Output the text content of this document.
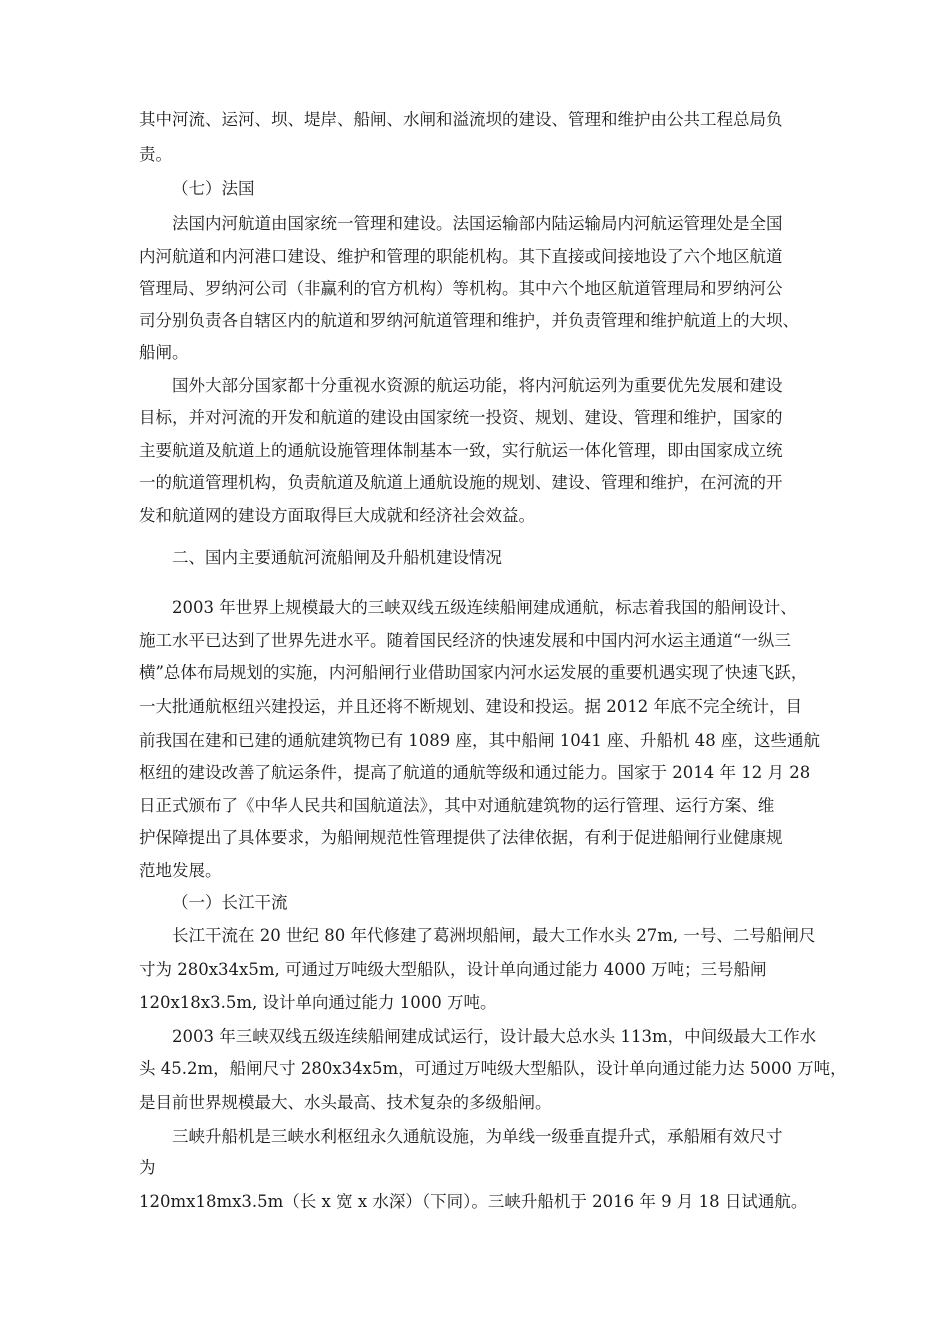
其中河流、运河、坝、堤岸、船闸、水闸和溢流坝的建设、管理和维护由公共工程总局负
责。
（七）法国
法国内河航道由国家统一管理和建设。法国运输部内陆运输局内河航运管理处是全国
内河航道和内河港口建设、维护和管理的职能机构。其下直接或间接地设了六个地区航道
管理局、罗纳河公司（非赢利的官方机构）等机构。其中六个地区航道管理局和罗纳河公
司分别负责各自辖区内的航道和罗纳河航道管理和维护，并负责管理和维护航道上的大坝、
船闸。
国外大部分国家都十分重视水资源的航运功能，将内河航运列为重要优先发展和建设
目标，并对河流的开发和航道的建设由国家统一投资、规划、建设、管理和维护，国家的
主要航道及航道上的通航设施管理体制基本一致，实行航运一体化管理，即由国家成立统
一的航道管理机构，负责航道及航道上通航设施的规划、建设、管理和维护，在河流的开
发和航道网的建设方面取得巨大成就和经济社会效益。
二、国内主要通航河流船闸及升船机建设情况
2003 年世界上规模最大的三峡双线五级连续船闸建成通航，标志着我国的船闸设计、
施工水平已达到了世界先进水平。随着国民经济的快速发展和中国内河水运主通道“一纵三
横”总体布局规划的实施，内河船闸行业借助国家内河水运发展的重要机遇实现了快速飞跃，
一大批通航枢纽兴建投运，并且还将不断规划、建设和投运。据 2012 年底不完全统计，目
前我国在建和已建的通航建筑物已有 1089 座，其中船闸 1041 座、升船机 48 座，这些通航
枢纽的建设改善了航运条件，提高了航道的通航等级和通过能力。国家于 2014 年 12 月 28
日正式颁布了《中华人民共和国航道法》，其中对通航建筑物的运行管理、运行方案、维
护保障提出了具体要求，为船闸规范性管理提供了法律依据，有利于促进船闸行业健康规
范地发展。
（一）长江干流
长江干流在 20 世纪 80 年代修建了葛洲坝船闸，最大工作水头 27m, 一号、二号船闸尺
寸为 280x34x5m, 可通过万吨级大型船队，设计单向通过能力 4000 万吨；三号船闸
120x18x3.5m, 设计单向通过能力 1000 万吨。
2003 年三峡双线五级连续船闸建成试运行，设计最大总水头 113m，中间级最大工作水
头 45.2m，船闸尺寸 280x34x5m，可通过万吨级大型船队，设计单向通过能力达 5000 万吨，
是目前世界规模最大、水头最高、技术复杂的多级船闸。
三峡升船机是三峡水利枢纽永久通航设施，为单线一级垂直提升式，承船厢有效尺寸
为
120mx18mx3.5m（长 x 宽 x 水深）（下同）。三峡升船机于 2016 年 9 月 18 日试通航。
